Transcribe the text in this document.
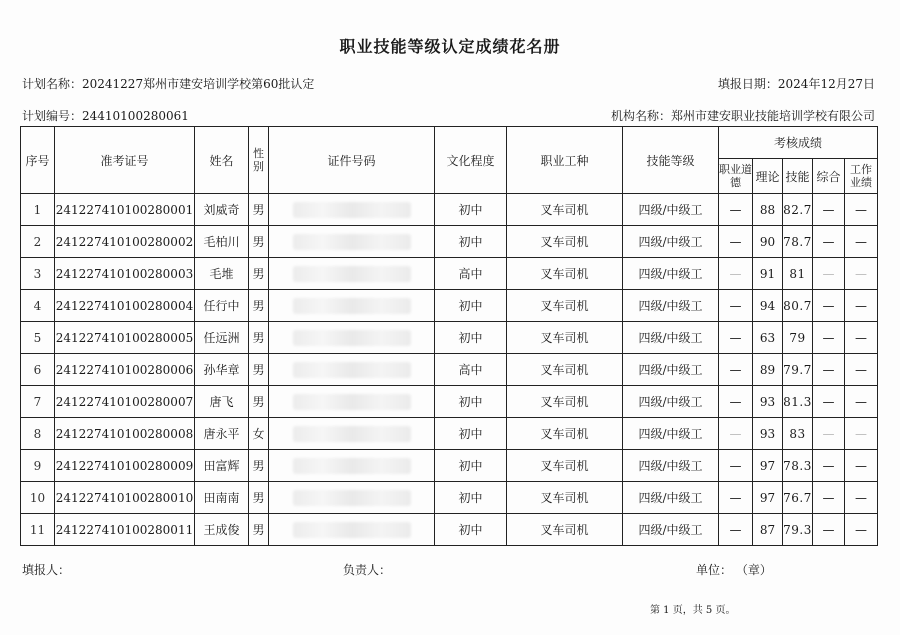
职业技能等级认定成绩花名册
计划名称：20241227郑州市建安培训学校第60批认定	填报日期：2024年12月27日
计划编号：24410100280061	机构名称：郑州市建安职业技能培训学校有限公司
序号	准考证号	姓名	性别	证件号码	文化程度	职业工种	技能等级	考核成绩				
								职业道德	理论	技能	综合	工作业绩
1	241227410100280001	刘威奇	男		初中	叉车司机	四级/中级工	—	88	82.7	—	—
2	241227410100280002	毛柏川	男		初中	叉车司机	四级/中级工	—	90	78.7	—	—
3	241227410100280003	毛堆	男		高中	叉车司机	四级/中级工	—	91	81	—	—
4	241227410100280004	任行中	男		初中	叉车司机	四级/中级工	—	94	80.7	—	—
5	241227410100280005	任远洲	男		初中	叉车司机	四级/中级工	—	63	79	—	—
6	241227410100280006	孙华章	男		高中	叉车司机	四级/中级工	—	89	79.7	—	—
7	241227410100280007	唐飞	男		初中	叉车司机	四级/中级工	—	93	81.3	—	—
8	241227410100280008	唐永平	女		初中	叉车司机	四级/中级工	—	93	83	—	—
9	241227410100280009	田富辉	男		初中	叉车司机	四级/中级工	—	97	78.3	—	—
10	241227410100280010	田南南	男		初中	叉车司机	四级/中级工	—	97	76.7	—	—
11	241227410100280011	王成俊	男		初中	叉车司机	四级/中级工	—	87	79.3	—	—
填报人：	负责人：	单位： （章）
第 1 页，共 5 页。
